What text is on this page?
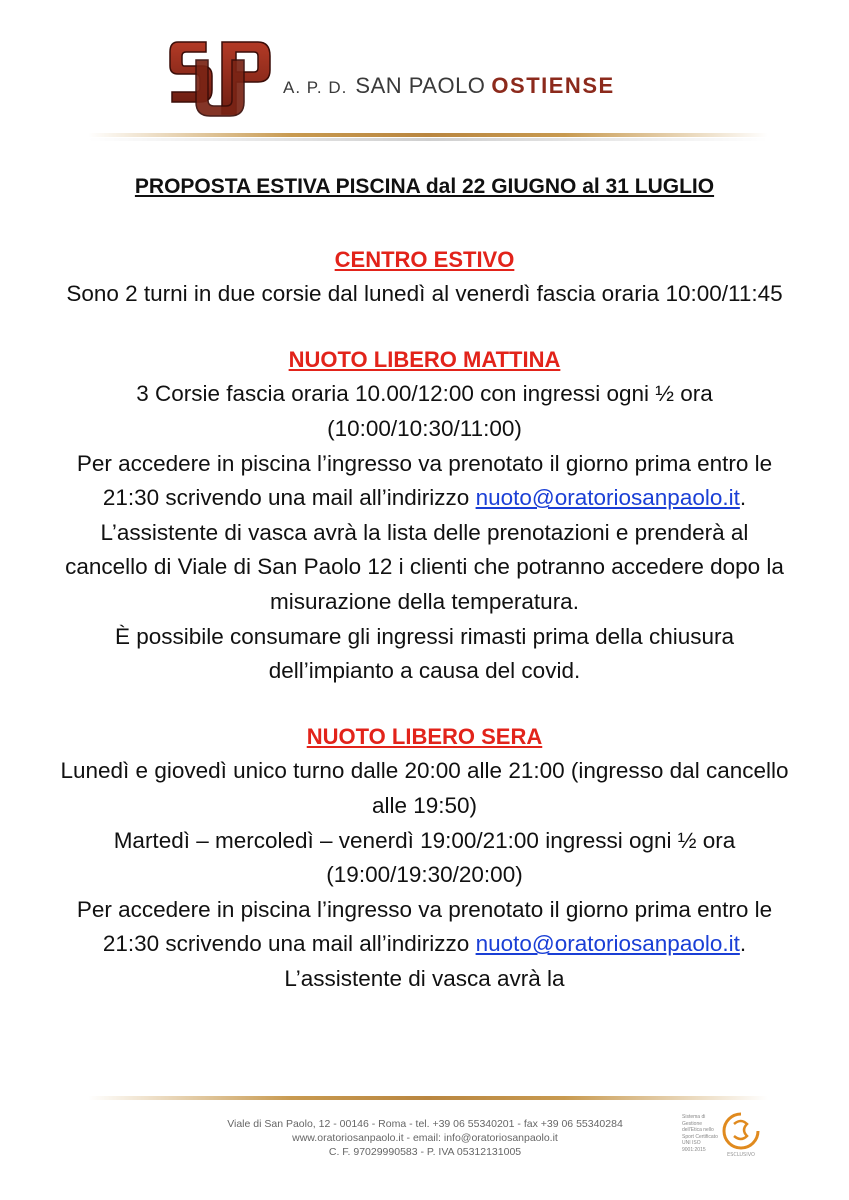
A. P. D. SAN PAOLO OSTIENSE

PROPOSTA ESTIVA PISCINA dal 22 GIUGNO al 31 LUGLIO

CENTRO ESTIVO

Sono 2 turni in due corsie dal lunedì al venerdì fascia oraria 10:00/11:45

NUOTO LIBERO MATTINA

3 Corsie fascia oraria 10.00/12:00 con ingressi ogni ½ ora (10:00/10:30/11:00)

Per accedere in piscina l’ingresso va prenotato il giorno prima entro le 21:30 scrivendo una mail all’indirizzo nuoto@oratoriosanpaolo.it. L’assistente di vasca avrà la lista delle prenotazioni e prenderà al cancello di Viale di San Paolo 12 i clienti che potranno accedere dopo la misurazione della temperatura.

È possibile consumare gli ingressi rimasti prima della chiusura dell’impianto a causa del covid.

NUOTO LIBERO SERA

Lunedì e giovedì unico turno dalle 20:00 alle 21:00 (ingresso dal cancello alle 19:50)

Martedì – mercoledì – venerdì 19:00/21:00 ingressi ogni ½ ora (19:00/19:30/20:00)

Per accedere in piscina l’ingresso va prenotato il giorno prima entro le 21:30 scrivendo una mail all’indirizzo nuoto@oratoriosanpaolo.it. L’assistente di vasca avrà la

Viale di San Paolo, 12 - 00146 - Roma - tel. +39 06 55340201 - fax +39 06 55340284
www.oratoriosanpaolo.it - email: info@oratoriosanpaolo.it
C. F. 97029990583 - P. IVA 05312131005
Sistema di Gestione dell'Etica nello Sport Certificato UNI ISO 9001:2015
ESCLUSIVO
